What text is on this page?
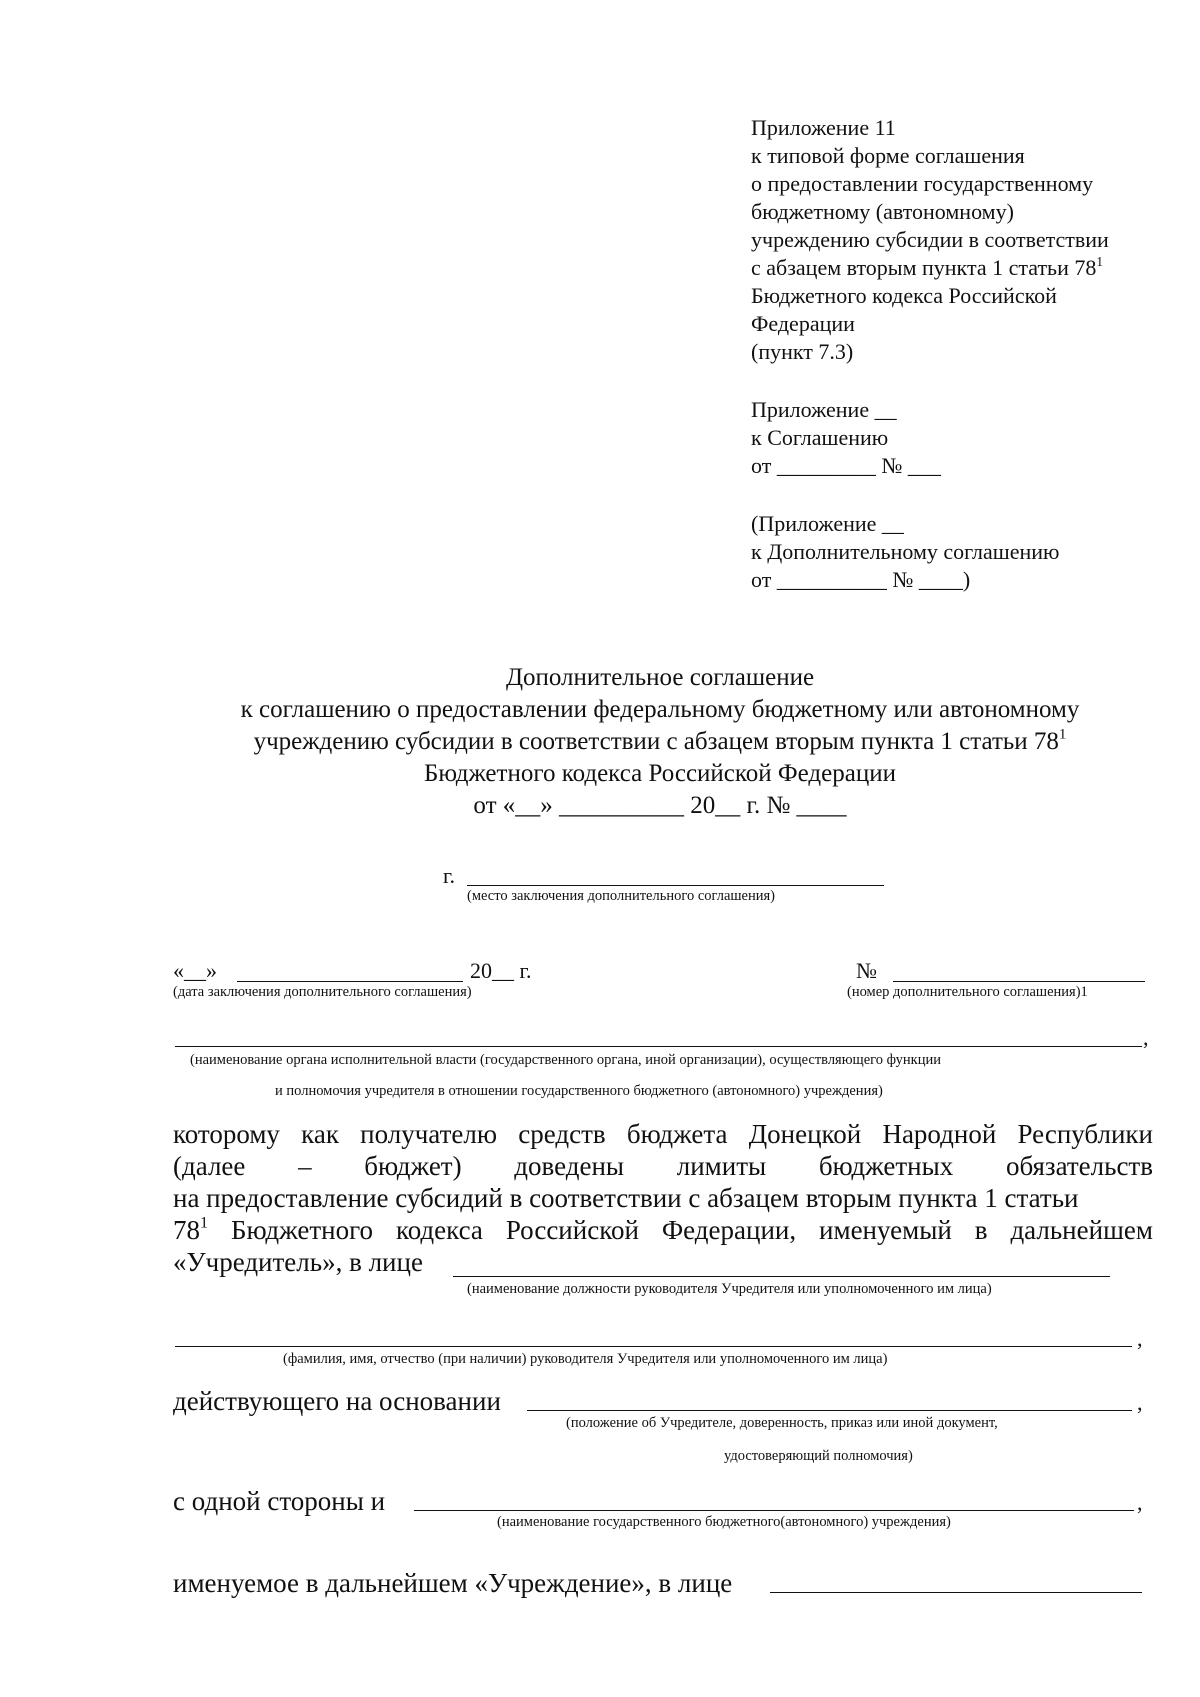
Приложение 11
к типовой форме соглашения
о предоставлении государственному
бюджетному (автономному)
учреждению субсидии в соответствии
с абзацем вторым пункта 1 статьи $78^1$
Бюджетного кодекса Российской
Федерации
(пункт 7.3)
Приложение __
к Соглашению
от _________ № ___
(Приложение __
к Дополнительному соглашению
от __________ № ____)
Дополнительное соглашение
к соглашению о предоставлении федеральному бюджетному или автономному
учреждению субсидии в соответствии с абзацем вторым пункта 1 статьи $78^1$
Бюджетного кодекса Российской Федерации
от «__» __________ 20__ г. № ____
г.
(место заключения дополнительного соглашения)
«__»	20__ г.
(дата заключения дополнительного соглашения)
№
(номер дополнительного соглашения)1
,
(наименование органа исполнительной власти (государственного органа, иной организации), осуществляющего функции
и полномочия учредителя в отношении государственного бюджетного (автономного) учреждения)
которому как получателю средств бюджета Донецкой Народной Республики
(далее – бюджет) доведены лимиты бюджетных обязательств
на предоставление субсидий в соответствии с абзацем вторым пункта 1 статьи
$78^1$ Бюджетного кодекса Российской Федерации, именуемый в дальнейшем
«Учредитель», в лице
(наименование должности руководителя Учредителя или уполномоченного им лица)
,
(фамилия, имя, отчество (при наличии) руководителя Учредителя или уполномоченного им лица)
действующего на основании	,
(положение об Учредителе, доверенность, приказ или иной документ,
удостоверяющий полномочия)
с одной стороны и	,
(наименование государственного бюджетного(автономного) учреждения)
именуемое в дальнейшем «Учреждение», в лице
